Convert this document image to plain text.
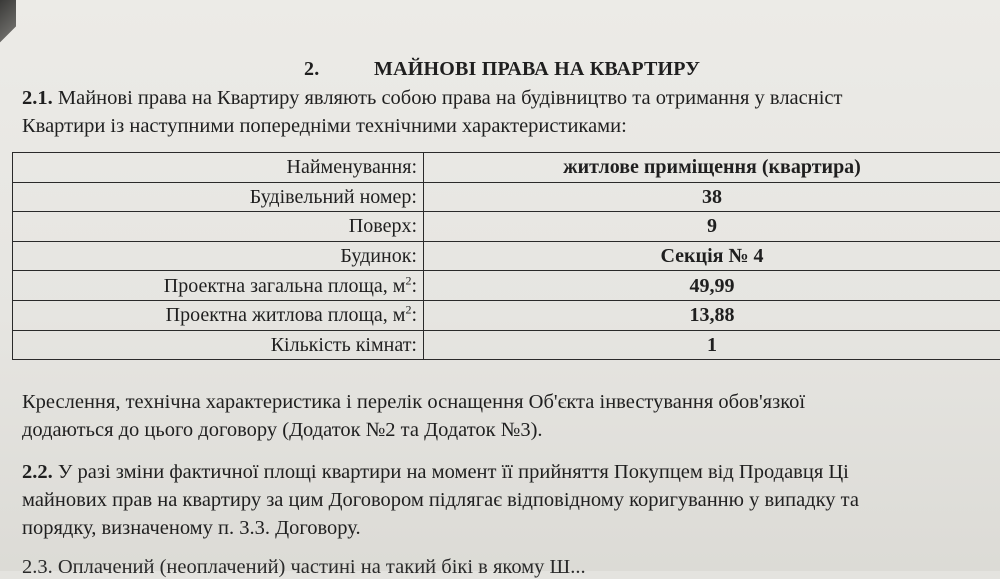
2.	МАЙНОВІ ПРАВА НА КВАРТИРУ
2.1. Майнові права на Квартиру являють собою права на будівництво та отримання у власніст
Квартири із наступними попередніми технічними характеристиками:
Найменування:	житлове приміщення (квартира)
Будівельний номер:	38
Поверх:	9
Будинок:	Секція № 4
Проектна загальна площа, $м^2$:	49,99
Проектна житлова площа, $м^2$:	13,88
Кількість кімнат:	1
Креслення, технічна характеристика і перелік оснащення Об'єкта інвестування обов'язкої
додаються до цього договору (Додаток №2 та Додаток №3).
2.2. У разі зміни фактичної площі квартири на момент її прийняття Покупцем від Продавця Ці
майнових прав на квартиру за цим Договором підлягає відповідному коригуванню у випадку та
порядку, визначеному п. 3.3. Договору.
2.3. Оплачений (неоплачений) частині на такий бікі в якому Ш...
